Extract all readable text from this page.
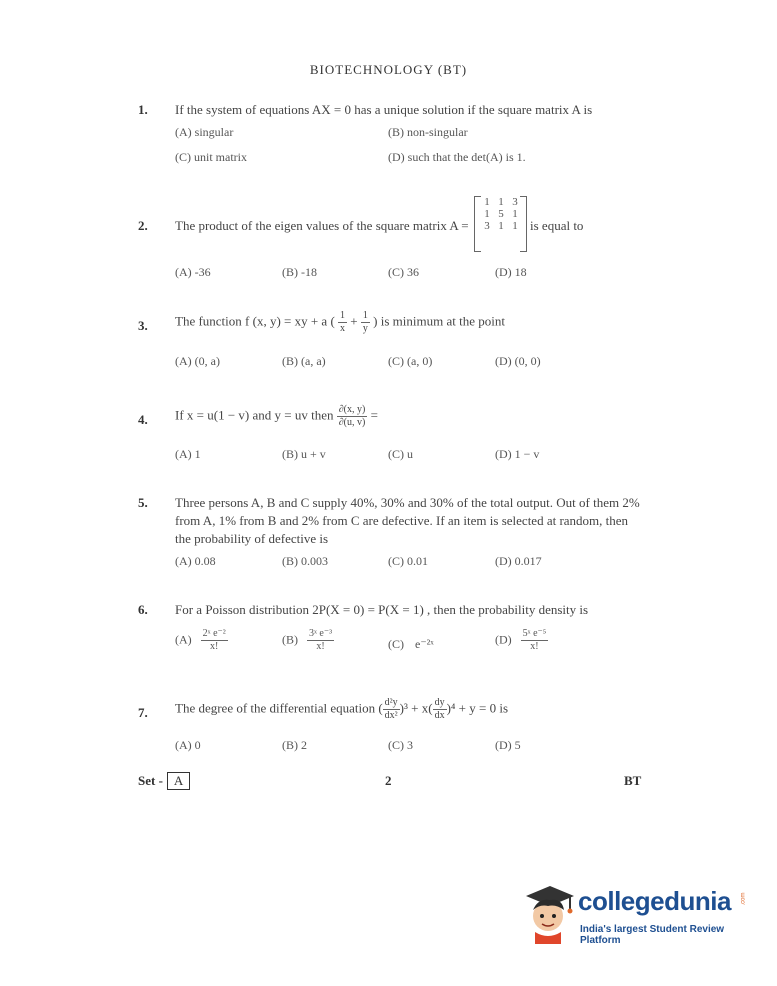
BIOTECHNOLOGY (BT)
1. If the system of equations AX = 0 has a unique solution if the square matrix A is
(A) singular	(B) non-singular
(C) unit matrix	(D) such that the det(A) is 1.
2. The product of the eigen values of the square matrix A =
1 1 3
1 5 1
3 1 1 is equal to
(A) -36	(B) -18	(C) 36	(D) 18
3. The function f (x, y) = xy + a ( $\frac{1}{x} + \frac{1}{y}$ ) is minimum at the point
(A) (0, a)	(B) (a, a)	(C) (a, 0)	(D) (0, 0)
4. If x = u(1 − v) and y = uv then $\frac{\partial(x, y)}{\partial(u, v)}$ =
(A) 1	(B) u + v	(C) u	(D) 1 − v
5. Three persons A, B and C supply 40%, 30% and 30% of the total output. Out of them 2%
from A, 1% from B and 2% from C are defective. If an item is selected at random, then
the probability of defective is
(A) 0.08	(B) 0.003	(C) 0.01	(D) 0.017
6. For a Poisson distribution 2P(X = 0) = P(X = 1) , then the probability density is
$(A) \frac{\text{2ˣ e⁻²}}{x!}$	$(B) \frac{\text{3ˣ e⁻³}}{x!}$	(C) e⁻²ˣ	$(D) \frac{\text{5ˣ e⁻⁵}}{x!}$
7. The degree of the differential equation ( $\frac{\text{d²y}}{\text{dx²}} )^3 + x( \frac{dy}{dx} )^4 + y = 0$ is
(A) 0	(B) 2	(C) 3	(D) 5
Set - A	2	BT
collegedunia .com
India's largest Student Review Platform
